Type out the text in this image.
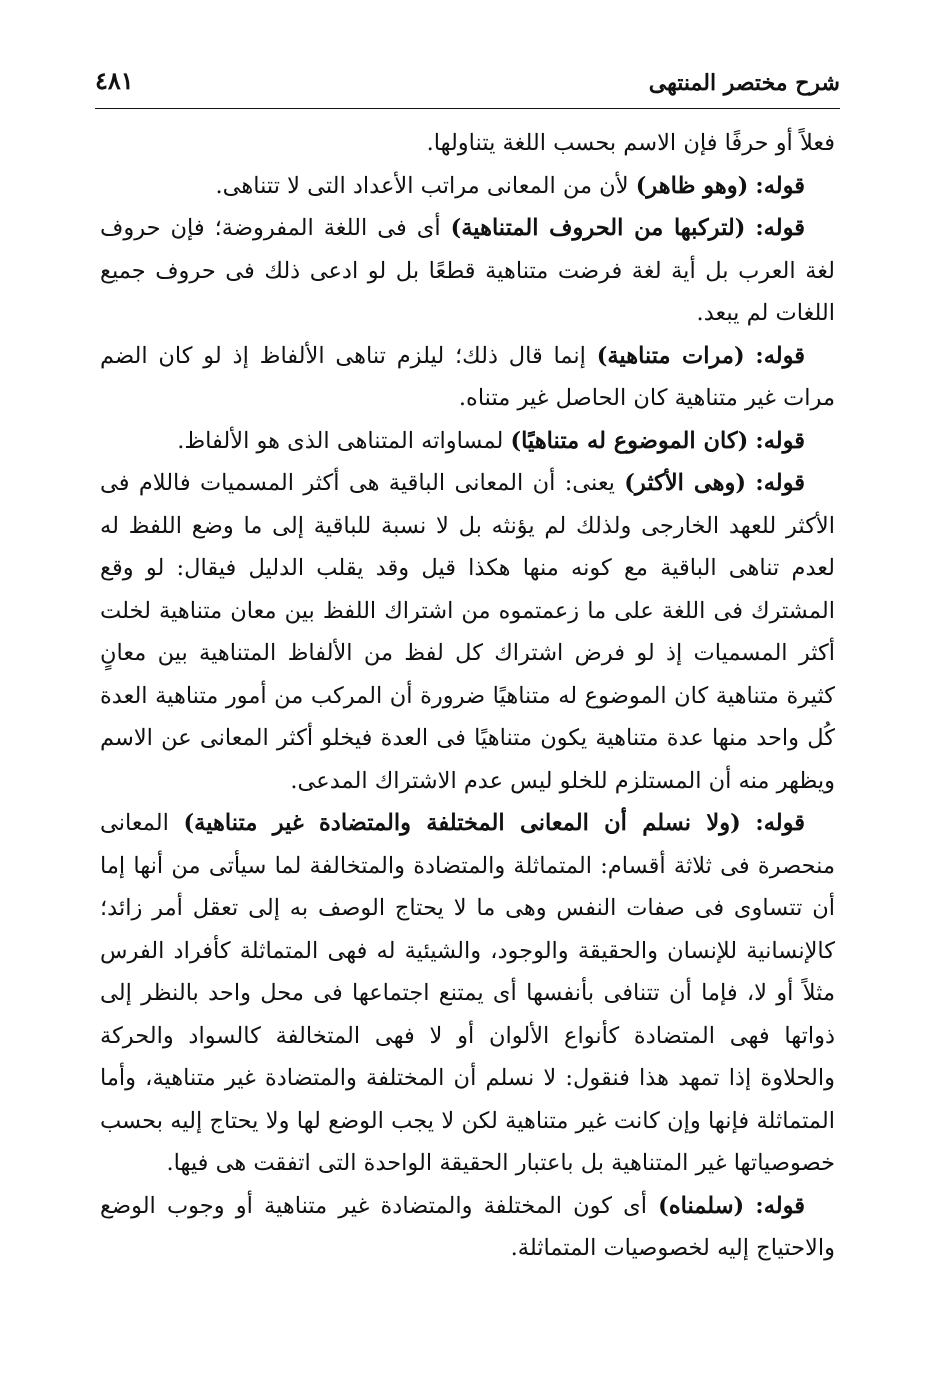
شرح مختصر المنتهى
٤٨١

فعلاً أو حرفًا فإن الاسم بحسب اللغة يتناولها.

قوله: (وهو ظاهر) لأن من المعانى مراتب الأعداد التى لا تتناهى.

قوله: (لتركبها من الحروف المتناهية) أى فى اللغة المفروضة؛ فإن حروف لغة العرب بل أية لغة فرضت متناهية قطعًا بل لو ادعى ذلك فى حروف جميع اللغات لم يبعد.

قوله: (مرات متناهية) إنما قال ذلك؛ ليلزم تناهى الألفاظ إذ لو كان الضم مرات غير متناهية كان الحاصل غير متناه.

قوله: (كان الموضوع له متناهيًا) لمساواته المتناهى الذى هو الألفاظ.

قوله: (وهى الأكثر) يعنى: أن المعانى الباقية هى أكثر المسميات فاللام فى الأكثر للعهد الخارجى ولذلك لم يؤنثه بل لا نسبة للباقية إلى ما وضع اللفظ له لعدم تناهى الباقية مع كونه منها هكذا قيل وقد يقلب الدليل فيقال: لو وقع المشترك فى اللغة على ما زعمتموه من اشتراك اللفظ بين معان متناهية لخلت أكثر المسميات إذ لو فرض اشتراك كل لفظ من الألفاظ المتناهية بين معانٍ كثيرة متناهية كان الموضوع له متناهيًا ضرورة أن المركب من أمور متناهية العدة كُل واحد منها عدة متناهية يكون متناهيًا فى العدة فيخلو أكثر المعانى عن الاسم ويظهر منه أن المستلزم للخلو ليس عدم الاشتراك المدعى.

قوله: (ولا نسلم أن المعانى المختلفة والمتضادة غير متناهية) المعانى منحصرة فى ثلاثة أقسام: المتماثلة والمتضادة والمتخالفة لما سيأتى من أنها إما أن تتساوى فى صفات النفس وهى ما لا يحتاج الوصف به إلى تعقل أمر زائد؛ كالإنسانية للإنسان والحقيقة والوجود، والشيئية له فهى المتماثلة كأفراد الفرس مثلاً أو لا، فإما أن تتنافى بأنفسها أى يمتنع اجتماعها فى محل واحد بالنظر إلى ذواتها فهى المتضادة كأنواع الألوان أو لا فهى المتخالفة كالسواد والحركة والحلاوة إذا تمهد هذا فنقول: لا نسلم أن المختلفة والمتضادة غير متناهية، وأما المتماثلة فإنها وإن كانت غير متناهية لكن لا يجب الوضع لها ولا يحتاج إليه بحسب خصوصياتها غير المتناهية بل باعتبار الحقيقة الواحدة التى اتفقت هى فيها.

قوله: (سلمناه) أى كون المختلفة والمتضادة غير متناهية أو وجوب الوضع والاحتياج إليه لخصوصيات المتماثلة.
